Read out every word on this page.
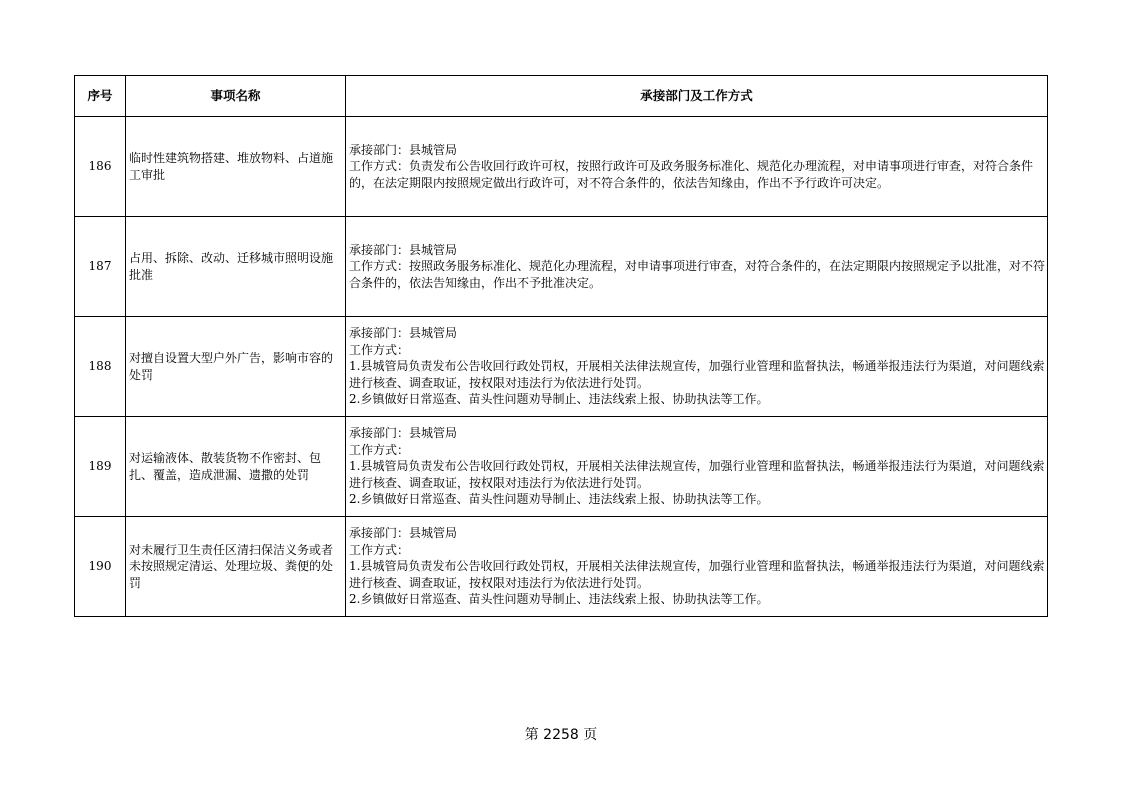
序号	事项名称	承接部门及工作方式
186	临时性建筑物搭建、堆放物料、占道施工审批	承接部门：县城管局
工作方式：负责发布公告收回行政许可权，按照行政许可及政务服务标准化、规范化办理流程，对申请事项进行审查，对符合条件的，在法定期限内按照规定做出行政许可，对不符合条件的，依法告知缘由，作出不予行政许可决定。

187	占用、拆除、改动、迁移城市照明设施批准	承接部门：县城管局
工作方式：按照政务服务标准化、规范化办理流程，对申请事项进行审查，对符合条件的，在法定期限内按照规定予以批准，对不符合条件的，依法告知缘由，作出不予批准决定。

188	对擅自设置大型户外广告，影响市容的处罚	承接部门：县城管局
工作方式：
1.县城管局负责发布公告收回行政处罚权，开展相关法律法规宣传，加强行业管理和监督执法，畅通举报违法行为渠道，对问题线索进行核查、调查取证，按权限对违法行为依法进行处罚。
2.乡镇做好日常巡查、苗头性问题劝导制止、违法线索上报、协助执法等工作。

189	对运输液体、散装货物不作密封、包扎、覆盖，造成泄漏、遗撒的处罚	承接部门：县城管局
工作方式：
1.县城管局负责发布公告收回行政处罚权，开展相关法律法规宣传，加强行业管理和监督执法，畅通举报违法行为渠道，对问题线索进行核查、调查取证，按权限对违法行为依法进行处罚。
2.乡镇做好日常巡查、苗头性问题劝导制止、违法线索上报、协助执法等工作。

190	对未履行卫生责任区清扫保洁义务或者未按照规定清运、处理垃圾、粪便的处罚	承接部门：县城管局
工作方式：
1.县城管局负责发布公告收回行政处罚权，开展相关法律法规宣传，加强行业管理和监督执法，畅通举报违法行为渠道，对问题线索进行核查、调查取证，按权限对违法行为依法进行处罚。
2.乡镇做好日常巡查、苗头性问题劝导制止、违法线索上报、协助执法等工作。
第 2258 页
